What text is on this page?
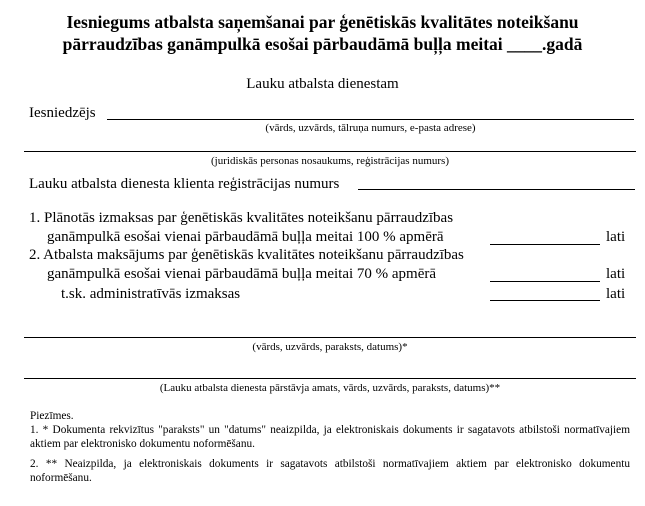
Iesniegums atbalsta saņemšanai par ģenētiskās kvalitātes noteikšanu
pārraudzības ganāmpulkā esošai pārbaudāmā buļļa meitai ____.gadā
Lauku atbalsta dienestam
Iesniedzējs
(vārds, uzvārds, tālruņa numurs, e-pasta adrese)
(juridiskās personas nosaukums, reģistrācijas numurs)
Lauku atbalsta dienesta klienta reģistrācijas numurs
1. Plānotās izmaksas par ģenētiskās kvalitātes noteikšanu pārraudzības
ganāmpulkā esošai vienai pārbaudāmā buļļa meitai 100 % apmērā	lati
2. Atbalsta maksājums par ģenētiskās kvalitātes noteikšanu pārraudzības
ganāmpulkā esošai vienai pārbaudāmā buļļa meitai 70 % apmērā	lati
t.sk. administratīvās izmaksas	lati
(vārds, uzvārds, paraksts, datums)*
(Lauku atbalsta dienesta pārstāvja amats, vārds, uzvārds, paraksts, datums)**
Piezīmes.
1. * Dokumenta rekvizītus "paraksts" un "datums" neaizpilda, ja elektroniskais dokuments ir sagatavots atbilstoši normatīvajiem aktiem par elektronisko dokumentu noformēšanu.
2. ** Neaizpilda, ja elektroniskais dokuments ir sagatavots atbilstoši normatīvajiem aktiem par elektronisko dokumentu noformēšanu.
